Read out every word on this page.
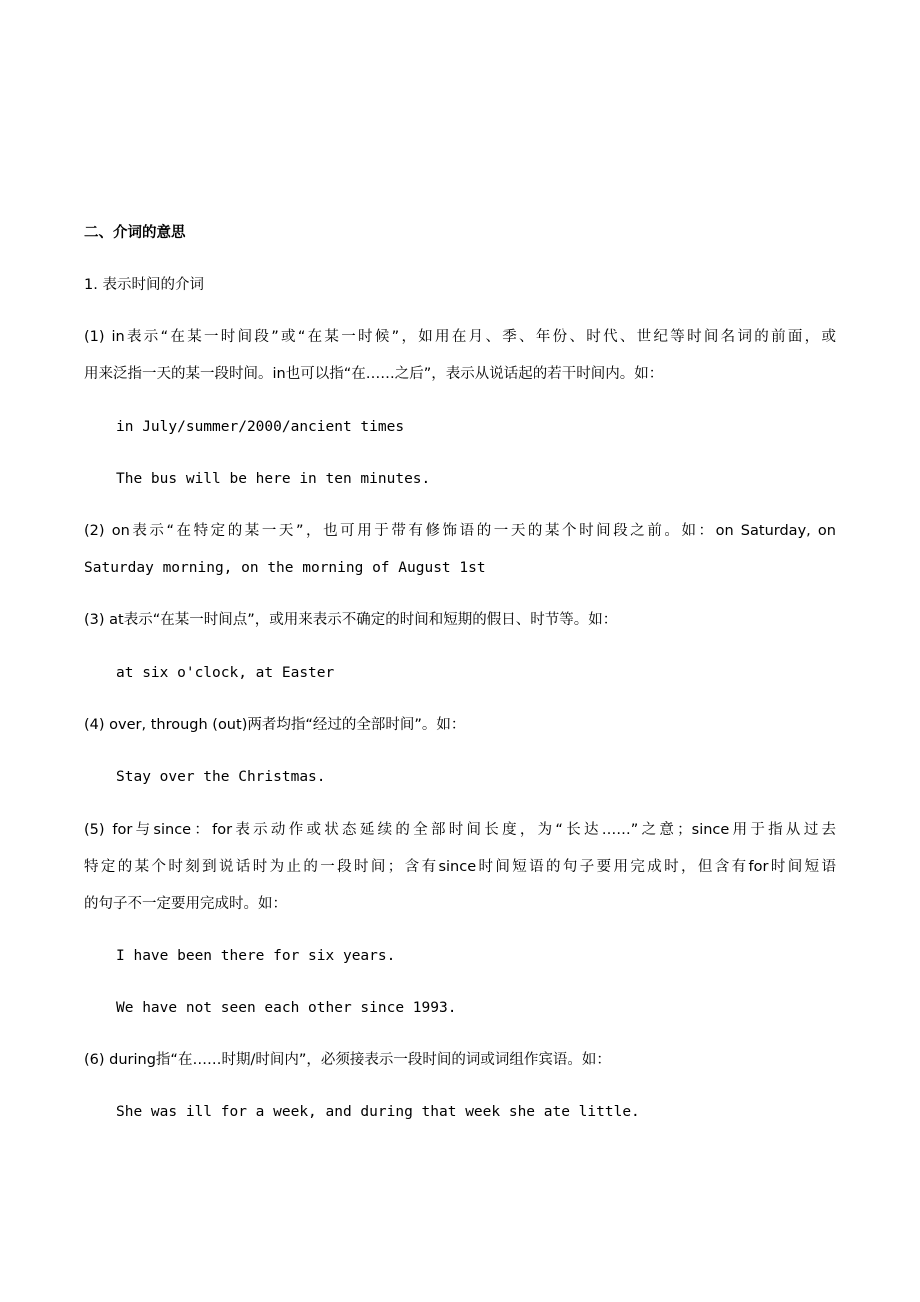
二、介词的意思
1. 表示时间的介词
(1) in表示“在某一时间段”或“在某一时候”，如用在月、季、年份、时代、世纪等时间名词的前面，或
用来泛指一天的某一段时间。in也可以指“在……之后”，表示从说话起的若干时间内。如：
in July/summer/2000/ancient times
The bus will be here in ten minutes.
(2) on表示“在特定的某一天”，也可用于带有修饰语的一天的某个时间段之前。如：on Saturday, on
Saturday morning, on the morning of August 1st
(3) at表示“在某一时间点”，或用来表示不确定的时间和短期的假日、时节等。如：
at six o'clock, at Easter
(4) over, through (out)两者均指“经过的全部时间”。如：
Stay over the Christmas.
(5) for与since：for表示动作或状态延续的全部时间长度，为“长达……”之意；since用于指从过去
特定的某个时刻到说话时为止的一段时间；含有since时间短语的句子要用完成时，但含有for时间短语
的句子不一定要用完成时。如：
I have been there for six years.
We have not seen each other since 1993.
(6) during指“在……时期/时间内”，必须接表示一段时间的词或词组作宾语。如：
She was ill for a week, and during that week she ate little.
